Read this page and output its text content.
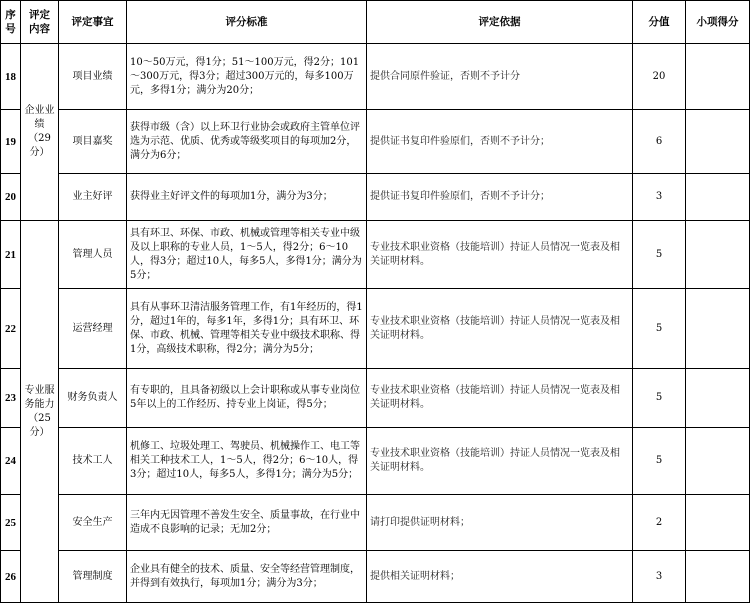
序号	评定内容	评定事宜	评分标准	评定依据	分值	小项得分
18	企业业绩（29分）	项目业绩	10～50万元，得1分；51～100万元，得2分；101～300万元，得3分；超过300万元的，每多100万元，多得1分；满分为20分；	提供合同原件验证，否则不予计分	20	
19		项目嘉奖	获得市级（含）以上环卫行业协会或政府主管单位评选为示范、优质、优秀或等级奖项目的每项加2分，满分为6分；	提供证书复印件验原们，否则不予计分；	6	
20		业主好评	获得业主好评文件的每项加1分，满分为3分；	提供证书复印件验原们，否则不予计分；	3	
21	专业服务能力（25分）	管理人员	具有环卫、环保、市政、机械或管理等相关专业中级及以上职称的专业人员，1～5人，得2分；6～10人，得3分；超过10人，每多5人，多得1分；满分为5分；	专业技术职业资格（技能培训）持证人员情况一览表及相关证明材料。	5	
22		运营经理	具有从事环卫清洁服务管理工作，有1年经历的，得1分，超过1年的，每多1年，多得1分；具有环卫、环保、市政、机械、管理等相关专业中级技术职称、得1分，高级技术职称，得2分；满分为5分；	专业技术职业资格（技能培训）持证人员情况一览表及相关证明材料。	5	
23		财务负责人	有专职的，且具备初级以上会计职称或从事专业岗位5年以上的工作经历、持专业上岗证，得5分；	专业技术职业资格（技能培训）持证人员情况一览表及相关证明材料。	5	
24		技术工人	机修工、垃圾处理工、驾驶员、机械操作工、电工等相关工种技术工人，1～5人，得2分；6～10人，得3分；超过10人，每多5人，多得1分；满分为5分；	专业技术职业资格（技能培训）持证人员情况一览表及相关证明材料。	5	
25		安全生产	三年内无因管理不善发生安全、质量事故，在行业中造成不良影响的记录；无加2分；	请打印提供证明材料；	2	
26		管理制度	企业具有健全的技术、质量、安全等经营管理制度，并得到有效执行，每项加1分；满分为3分；	提供相关证明材料；	3	
